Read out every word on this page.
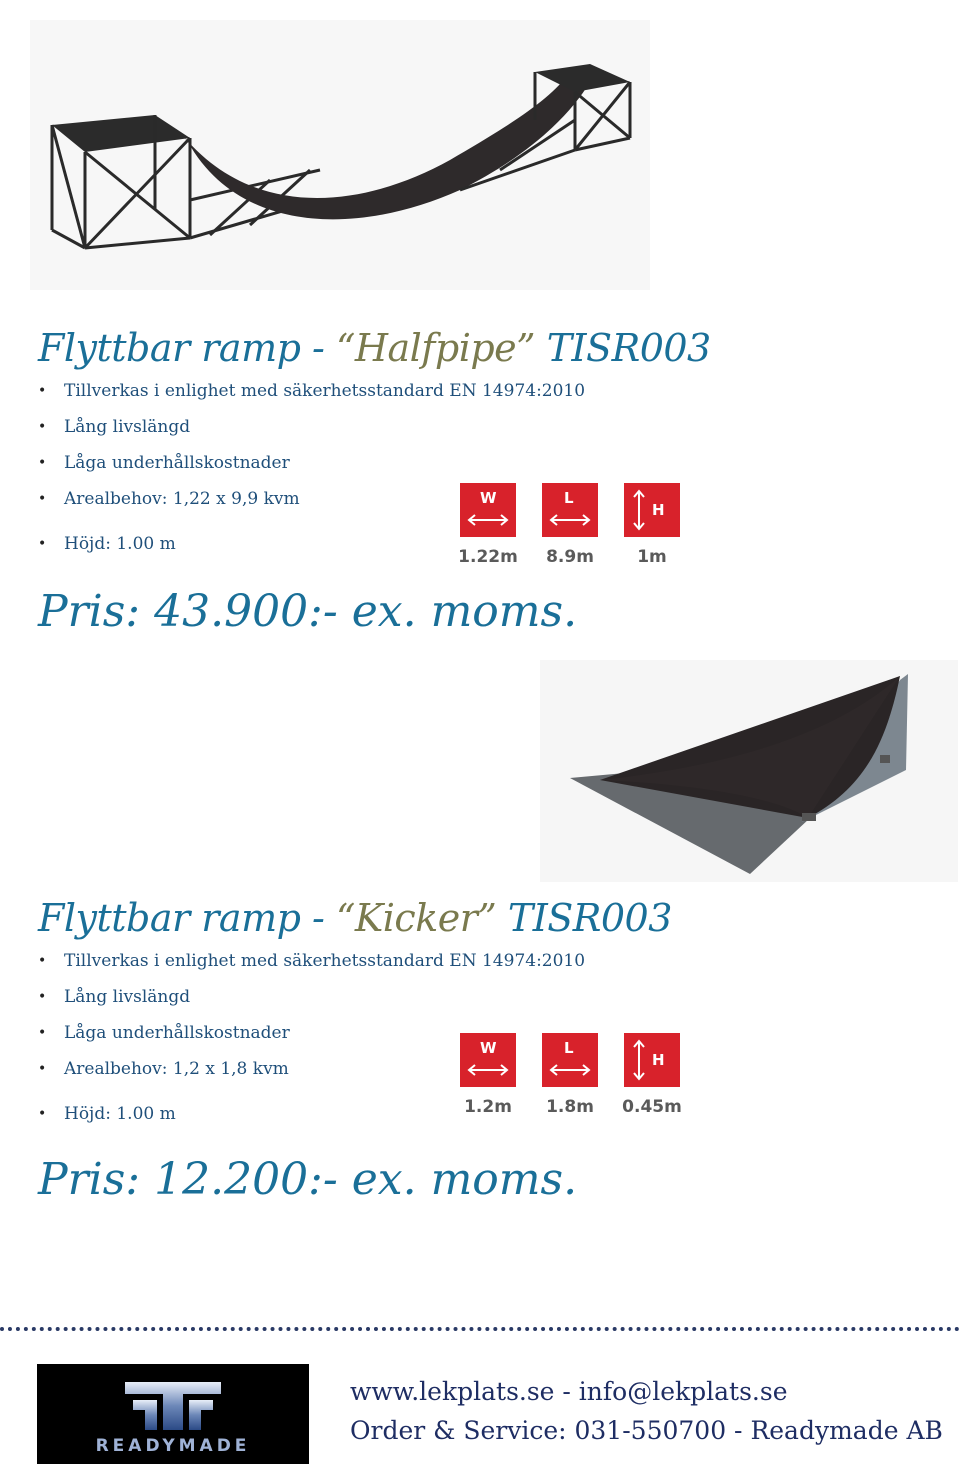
Flyttbar ramp - “Halfpipe” TISR003
• Tillverkas i enlighet med säkerhetsstandard EN 14974:2010
• Lång livslängd
• Låga underhållskostnader
• Arealbehov: 1,22 x 9,9 kvm
• Höjd: 1.00 m
W
1.22m
L
8.9m
H
1m
Pris: 43.900:- ex. moms.
Flyttbar ramp - “Kicker” TISR003
• Tillverkas i enlighet med säkerhetsstandard EN 14974:2010
• Lång livslängd
• Låga underhållskostnader
• Arealbehov: 1,2 x 1,8 kvm
• Höjd: 1.00 m
W
1.2m
L
1.8m
H
0.45m
Pris: 12.200:- ex. moms.
READYMADE
www.lekplats.se - info@lekplats.se
Order & Service: 031-550700 - Readymade AB
